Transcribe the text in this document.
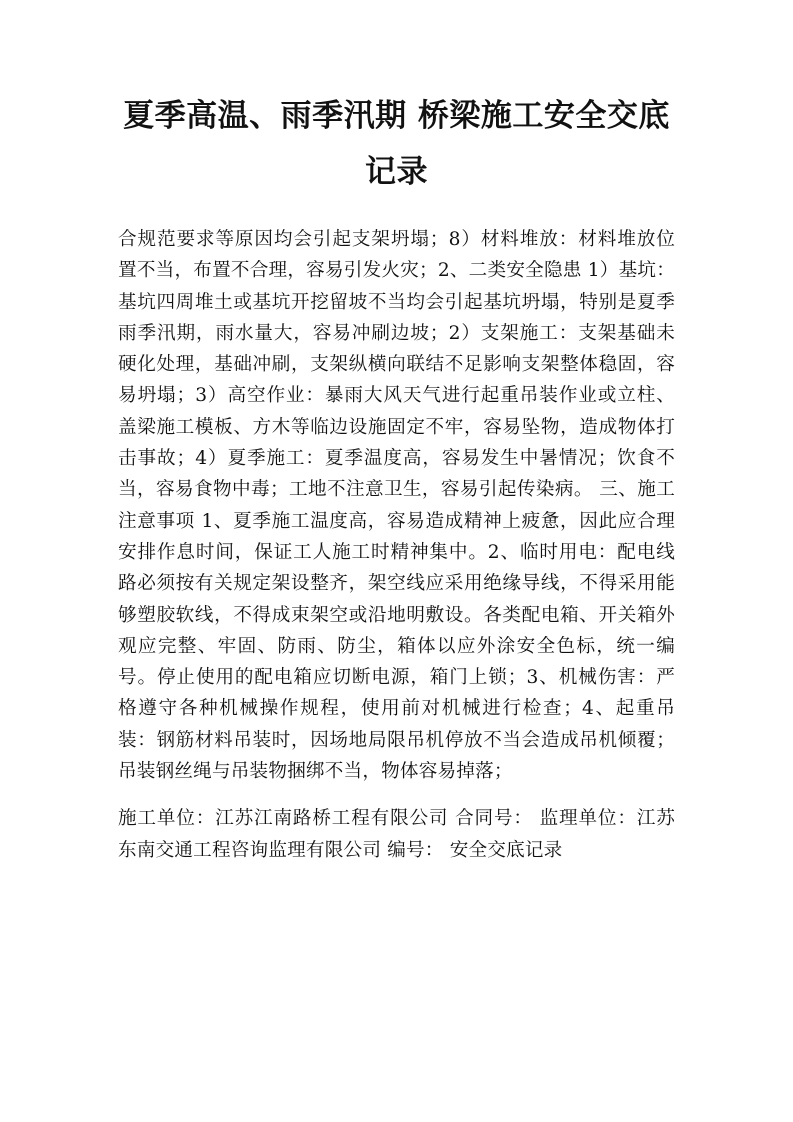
夏季高温、雨季汛期 桥梁施工安全交底记录

合规范要求等原因均会引起支架坍塌；8）材料堆放：材料堆放位置不当，布置不合理，容易引发火灾；2、二类安全隐患 1）基坑：基坑四周堆土或基坑开挖留坡不当均会引起基坑坍塌，特别是夏季雨季汛期，雨水量大，容易冲刷边坡；2）支架施工：支架基础未硬化处理，基础冲刷，支架纵横向联结不足影响支架整体稳固，容易坍塌；3）高空作业：暴雨大风天气进行起重吊装作业或立柱、盖梁施工模板、方木等临边设施固定不牢，容易坠物，造成物体打击事故；4）夏季施工：夏季温度高，容易发生中暑情况；饮食不当，容易食物中毒；工地不注意卫生，容易引起传染病。 三、施工注意事项 1、夏季施工温度高，容易造成精神上疲惫，因此应合理安排作息时间，保证工人施工时精神集中。2、临时用电：配电线路必须按有关规定架设整齐，架空线应采用绝缘导线，不得采用能够塑胶软线，不得成束架空或沿地明敷设。各类配电箱、开关箱外观应完整、牢固、防雨、防尘，箱体以应外涂安全色标，统一编号。停止使用的配电箱应切断电源，箱门上锁；3、机械伤害：严格遵守各种机械操作规程，使用前对机械进行检查；4、起重吊装：钢筋材料吊装时，因场地局限吊机停放不当会造成吊机倾覆；吊装钢丝绳与吊装物捆绑不当，物体容易掉落；

施工单位：江苏江南路桥工程有限公司 合同号： 监理单位：江苏东南交通工程咨询监理有限公司 编号： 安全交底记录
